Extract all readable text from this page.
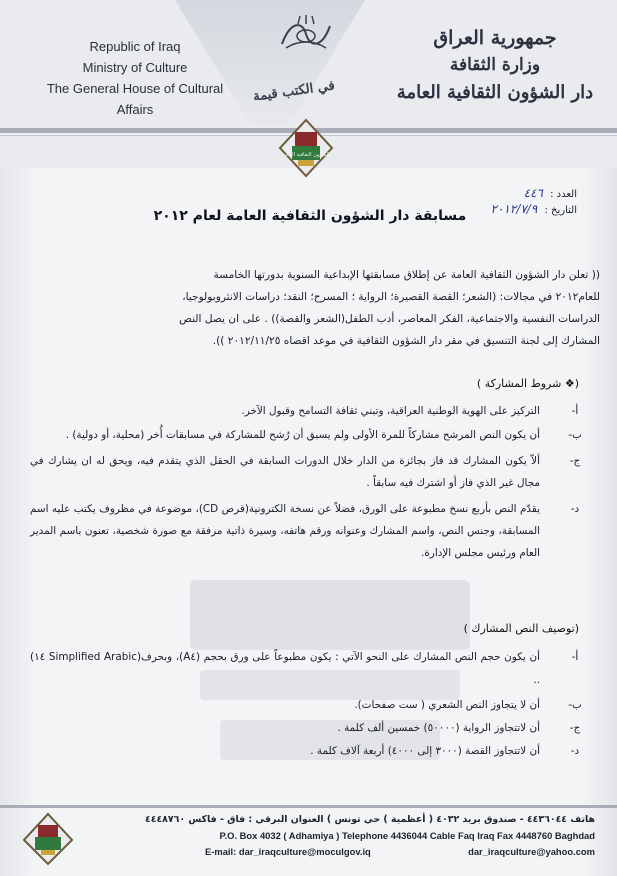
Republic of Iraq
Ministry of Culture
The General House of Cultural Affairs
جمهورية العراق
وزارة الثقافة
دار الشؤون الثقافية العامة
في الكتب قيمة
الشؤون الثقافية العامة
العدد : ٤٤٦
التاريخ : ٢٠١٢/٧/٩
مسابقة دار الشؤون الثقافية العامة لعام ٢٠١٢

(( تعلن دار الشؤون الثقافية العامة عن إطلاق مسابقتها الإبداعية السنوية بدورتها الخامسة

للعام٢٠١٢ في مجالات: (الشعر؛ القصة القصيرة؛ الرواية ؛ المسرح؛ النقد؛ دراسات الانثروبولوجيا،

الدراسات النفسية والاجتماعية، الفكر المعاصر، أدب الطفل(الشعر والقصة)) . على ان يصل النص

المشارك إلى لجنة التنسيق في مقر دار الشؤون الثقافية في موعد اقصاه ٢٠١٢/١١/٢٥ )).

(❖ شروط المشاركة )

أ-
التركيز على الهوية الوطنية العراقية، وتبني ثقافة التسامح وقبول الآخر.

ب-
أن يكون النص المرشح مشاركاً للمرة الأولى ولم يسبق أن رُشح للمشاركة في مسابقات أُخر (محلية، أو دولية) .

ج-
ألاّ يكون المشارك قد فاز بجائزة من الدار خلال الدورات السابقة في الحقل الذي يتقدم فيه، ويحق له ان يشارك في مجال غير الذي فاز أو اشترك فيه سابقاً .

د-
يقدّم النص بأربع نسخ مطبوعة على الورق، فضلاً عن نسخة الكترونية(قرص CD)، موضوعة في مظروف يكتب عليه اسم المسابقة، وجنس النص، واسم المشارك وعنوانه ورقم هاتفه، وسيرة ذاتية مرفقة مع صورة شخصية، تعنون باسم المدير العام ورئيس مجلس الإدارة.

(توصيف النص المشارك )

أ-
أن يكون حجم النص المشارك على النحو الآتي : يكون مطبوعاً على ورق بحجم (A٤)، وبحرف(Simplified Arabic ١٤) ..

ب-
أن لا يتجاوز النص الشعري ( ست صفحات).

ج-
أن لاتتجاوز الرواية (٥٠٠٠٠) خمسين ألف كلمة .

د-
أن لاتتجاوز القصة (٣٠٠٠ إلى ٤٠٠٠) أربعة آلاف كلمة .

هاتف ٤٤٣٦٠٤٤ - صندوق بريد ٤٠٣٢ ( أعظمية ) حي تونس ) العنوان البرقي : فاق - فاكس ٤٤٤٨٧٦٠
P.O. Box 4032 ( Adhamiya ) Telephone 4436044 Cable Faq Iraq Fax 4448760 Baghdad
E-mail: dar_iraqculture@moculgov.iq	dar_iraqculture@yahoo.com
